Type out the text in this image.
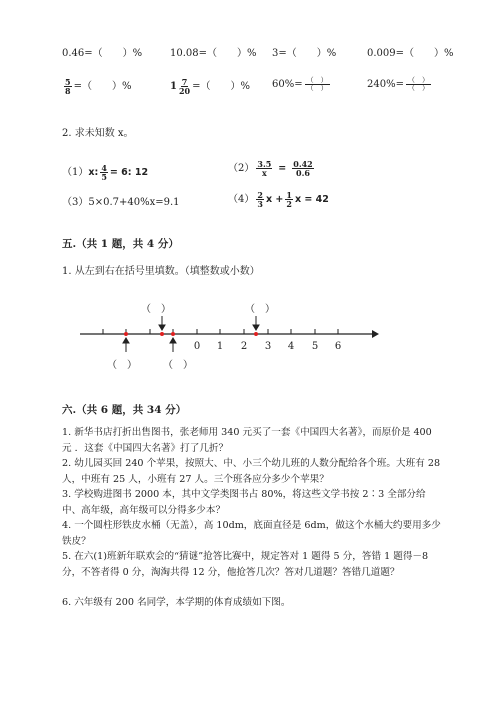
0.46=（　　）%	10.08=（　　）% 3=（　　）%	0.009=（　　）%
$\frac{5}{8}$ =（　　）%	$1 \frac{7}{20}$ =（　　）% $60\%= \frac{( )}{( )}$	$240\%= \frac{( )}{( )}$
2. 求未知数 x。
（1）x: $\frac{4}{5} = 6$: 12	$(2) \frac{3.5}{x} = \frac{0.42}{0.6}$
（3）5×0.7+40%x=9.1	$(4) \frac{2}{3}$ $x + \frac{1}{2}$ x = 42
五.（共 1 题，共 4 分）
1. 从左到右在括号里填数。（填整数或小数）
0 1 2 3 4 5 6
（　）	（　）
（　）	（　）
六.（共 6 题，共 34 分）
1. 新华书店打折出售图书，张老师用 340 元买了一套《中国四大名著》，而原价是 400 元 ．这套《中国四大名著》打了几折？
2. 幼儿园买回 240 个苹果，按照大、中、小三个幼儿班的人数分配给各个班。大班有 28 人，中班有 25 人，小班有 27 人。三个班各应分多少个苹果？
3. 学校购进图书 2000 本，其中文学类图书占 80%，将这些文学书按 2∶3 全部分给中、高年级，高年级可以分得多少本？
4. 一个圆柱形铁皮水桶（无盖），高 10dm，底面直径是 6dm，做这个水桶大约要用多少铁皮？
5. 在六(1)班新年联欢会的“猜谜”抢答比赛中，规定答对 1 题得 5 分，答错 1 题得－8 分，不答者得 0 分，淘淘共得 12 分，他抢答几次？答对几道题？答错几道题？
6. 六年级有 200 名同学，本学期的体育成绩如下图。
